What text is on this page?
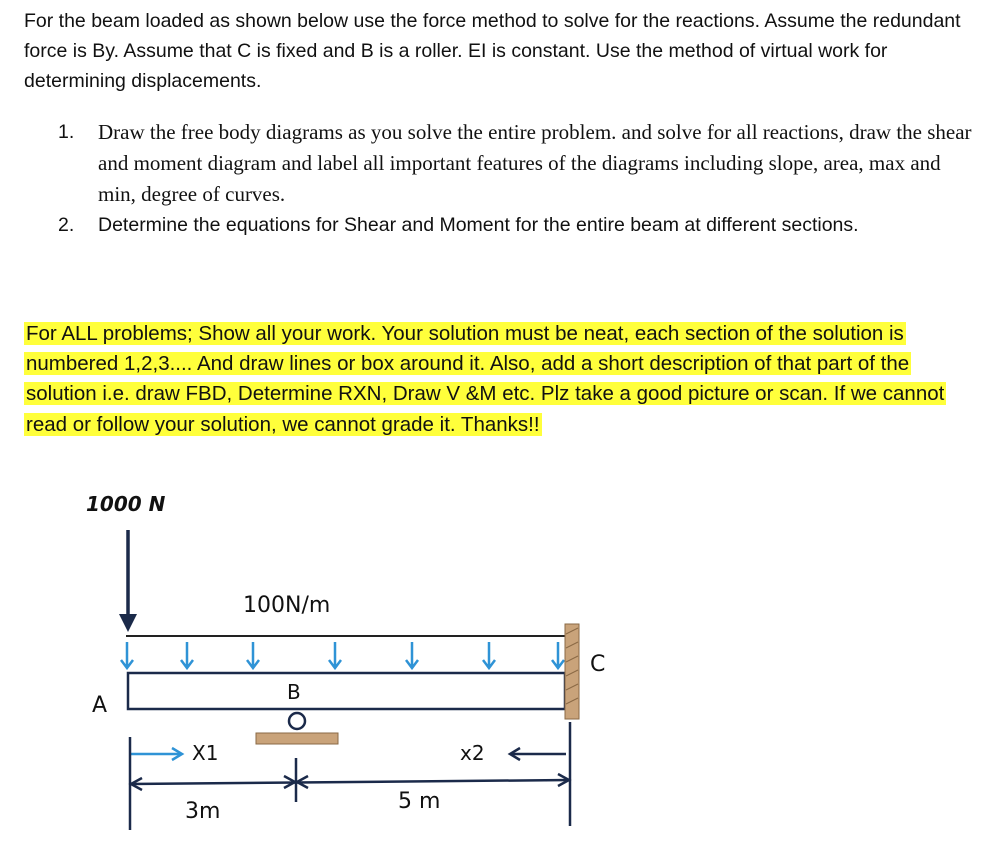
For the beam loaded as shown below use the force method to solve for the reactions. Assume the redundant force is By. Assume that C is fixed and B is a roller. EI is constant. Use the method of virtual work for determining displacements.

1. Draw the free body diagrams as you solve the entire problem. and solve for all reactions, draw the shear and moment diagram and label all important features of the diagrams including slope, area, max and min, degree of curves.
2. Determine the equations for Shear and Moment for the entire beam at different sections.

For ALL problems; Show all your work. Your solution must be neat, each section of the solution is numbered 1,2,3.... And draw lines or box around it. Also, add a short description of that part of the solution i.e. draw FBD, Determine RXN, Draw V &M etc. Plz take a good picture or scan. If we cannot read or follow your solution, we cannot grade it. Thanks!!

1000 N
100N/m
C
A
B
X1	x2
3m	5 m
